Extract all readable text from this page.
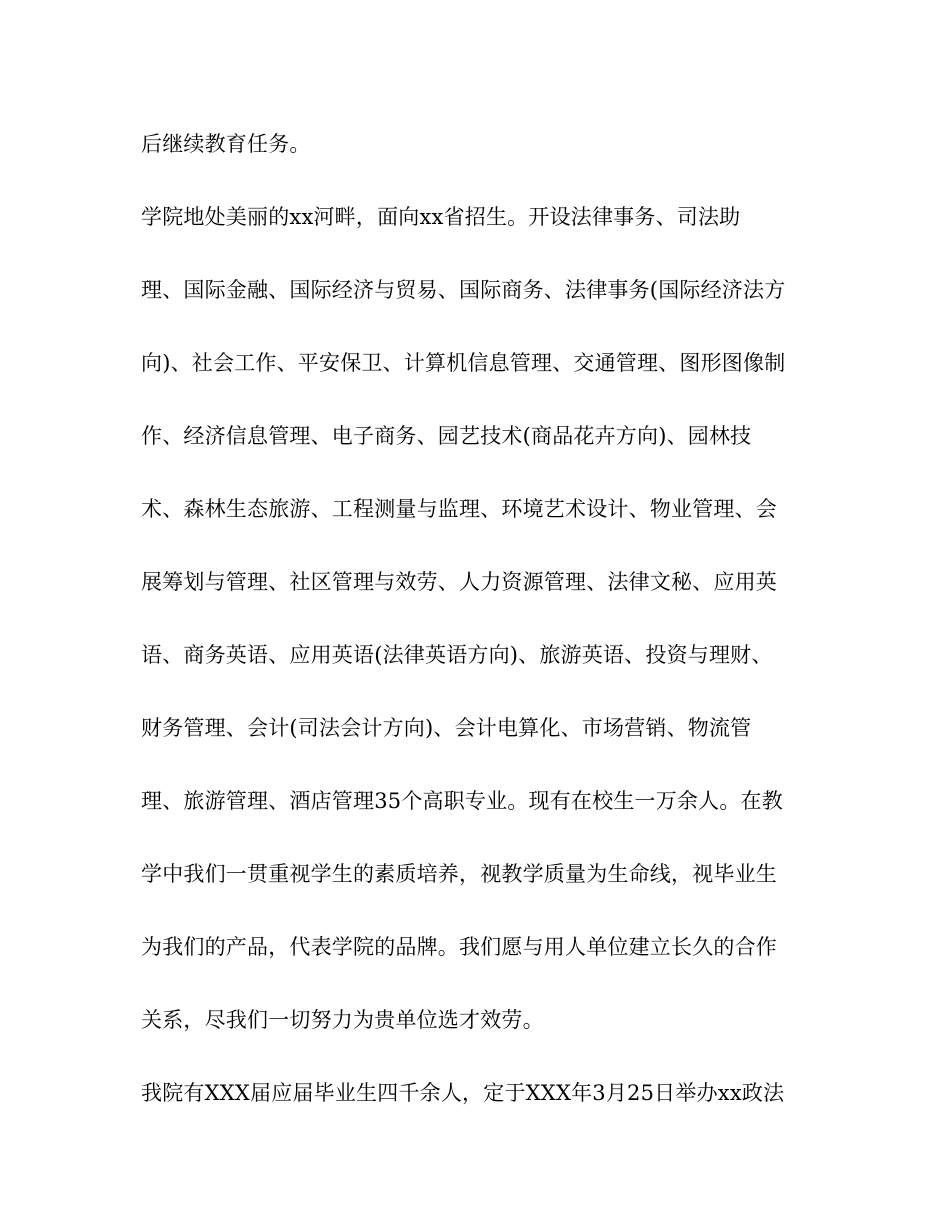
后继续教育任务。
学院地处美丽的xx河畔，面向xx省招生。开设法律事务、司法助
理、国际金融、国际经济与贸易、国际商务、法律事务(国际经济法方
向)、社会工作、平安保卫、计算机信息管理、交通管理、图形图像制
作、经济信息管理、电子商务、园艺技术(商品花卉方向)、园林技
术、森林生态旅游、工程测量与监理、环境艺术设计、物业管理、会
展筹划与管理、社区管理与效劳、人力资源管理、法律文秘、应用英
语、商务英语、应用英语(法律英语方向)、旅游英语、投资与理财、
财务管理、会计(司法会计方向)、会计电算化、市场营销、物流管
理、旅游管理、酒店管理35个高职专业。现有在校生一万余人。在教
学中我们一贯重视学生的素质培养，视教学质量为生命线，视毕业生
为我们的产品，代表学院的品牌。我们愿与用人单位建立长久的合作
关系，尽我们一切努力为贵单位选才效劳。
我院有XXX届应届毕业生四千余人，定于XXX年3月25日举办xx政法
